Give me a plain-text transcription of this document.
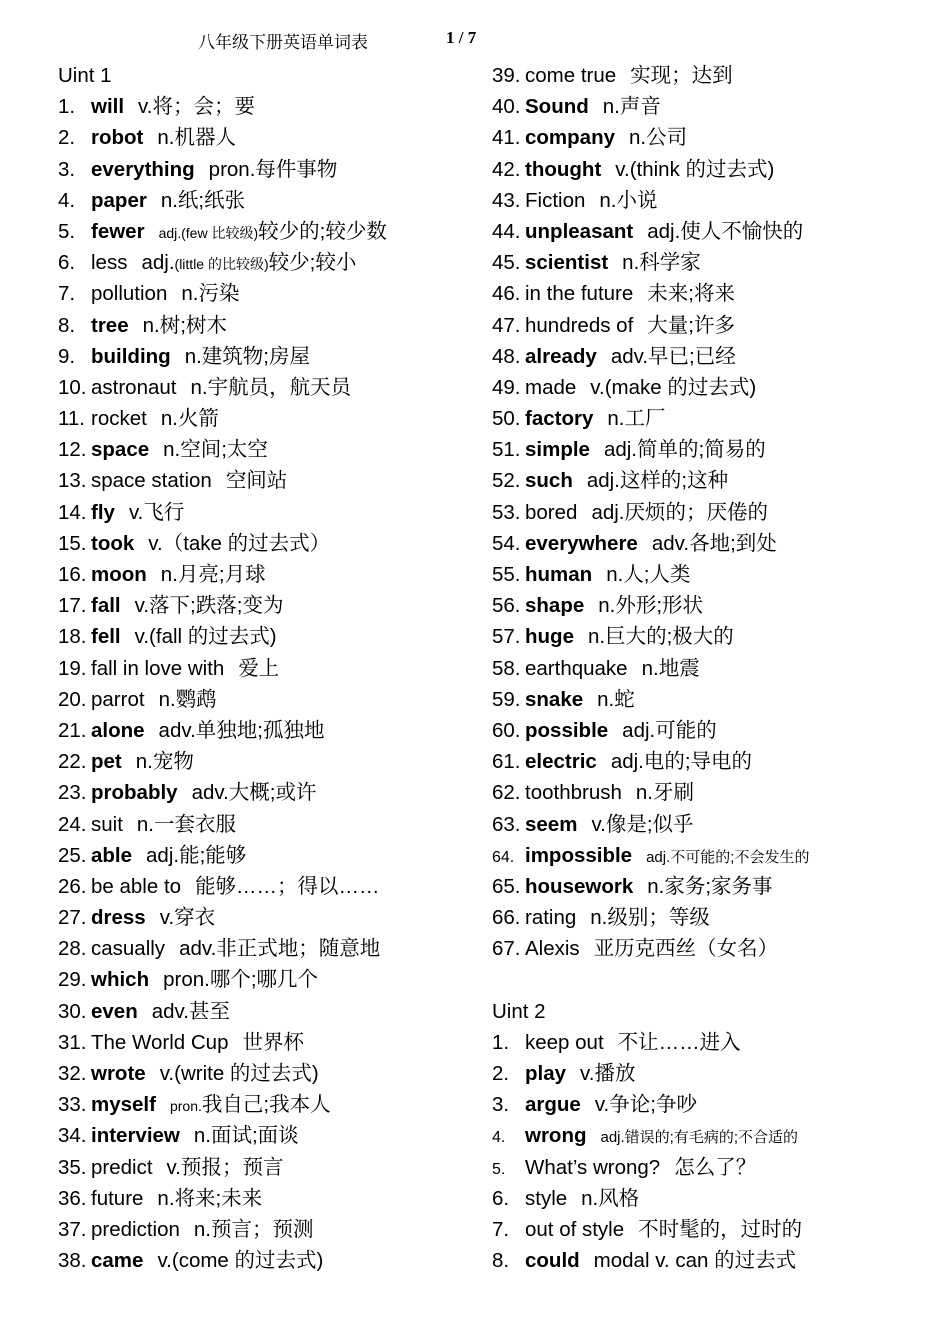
八年级下册英语单词表	1 / 7
Uint 1
1. will v.将；会；要
2. robot n.机器人
3. everything pron.每件事物
4. paper n.纸;纸张
5. fewer adj.(few 比较级)较少的;较少数
6. less adj.(little 的比较级)较少;较小
7. pollution n.污染
8. tree n.树;树木
9. building n.建筑物;房屋
10. astronaut n.宇航员，航天员
11. rocket n.火箭
12. space n.空间;太空
13. space station 空间站
14. fly v.飞行
15. took v.（take 的过去式）
16. moon n.月亮;月球
17. fall v.落下;跌落;变为
18. fell v.(fall 的过去式)
19. fall in love with 爱上
20. parrot n.鹦鹉
21. alone adv.单独地;孤独地
22. pet n.宠物
23. probably adv.大概;或许
24. suit n.一套衣服
25. able adj.能;能够
26. be able to 能够……；得以……
27. dress v.穿衣
28. casually adv.非正式地；随意地
29. which pron.哪个;哪几个
30. even adv.甚至
31. The World Cup 世界杯
32. wrote v.(write 的过去式)
33. myself pron.我自己;我本人
34. interview n.面试;面谈
35. predict v.预报；预言
36. future n.将来;未来
37. prediction n.预言；预测
38. came v.(come 的过去式)
39. come true 实现；达到
40. Sound n.声音
41. company n.公司
42. thought v.(think 的过去式)
43. Fiction n.小说
44. unpleasant adj.使人不愉快的
45. scientist n.科学家
46. in the future 未来;将来
47. hundreds of 大量;许多
48. already adv.早已;已经
49. made v.(make 的过去式)
50. factory n.工厂
51. simple adj.简单的;简易的
52. such adj.这样的;这种
53. bored adj.厌烦的；厌倦的
54. everywhere adv.各地;到处
55. human n.人;人类
56. shape n.外形;形状
57. huge n.巨大的;极大的
58. earthquake n.地震
59. snake n.蛇
60. possible adj.可能的
61. electric adj.电的;导电的
62. toothbrush n.牙刷
63. seem v.像是;似乎
64. impossible adj.不可能的;不会发生的
65. housework n.家务;家务事
66. rating n.级别；等级
67. Alexis 亚历克西丝（女名）
Uint 2
1. keep out 不让……进入
2. play v.播放
3. argue v.争论;争吵
4. wrong adj.错误的;有毛病的;不合适的
5. What’s wrong? 怎么了？
6. style n.风格
7. out of style 不时髦的，过时的
8. could modal v. can 的过去式
